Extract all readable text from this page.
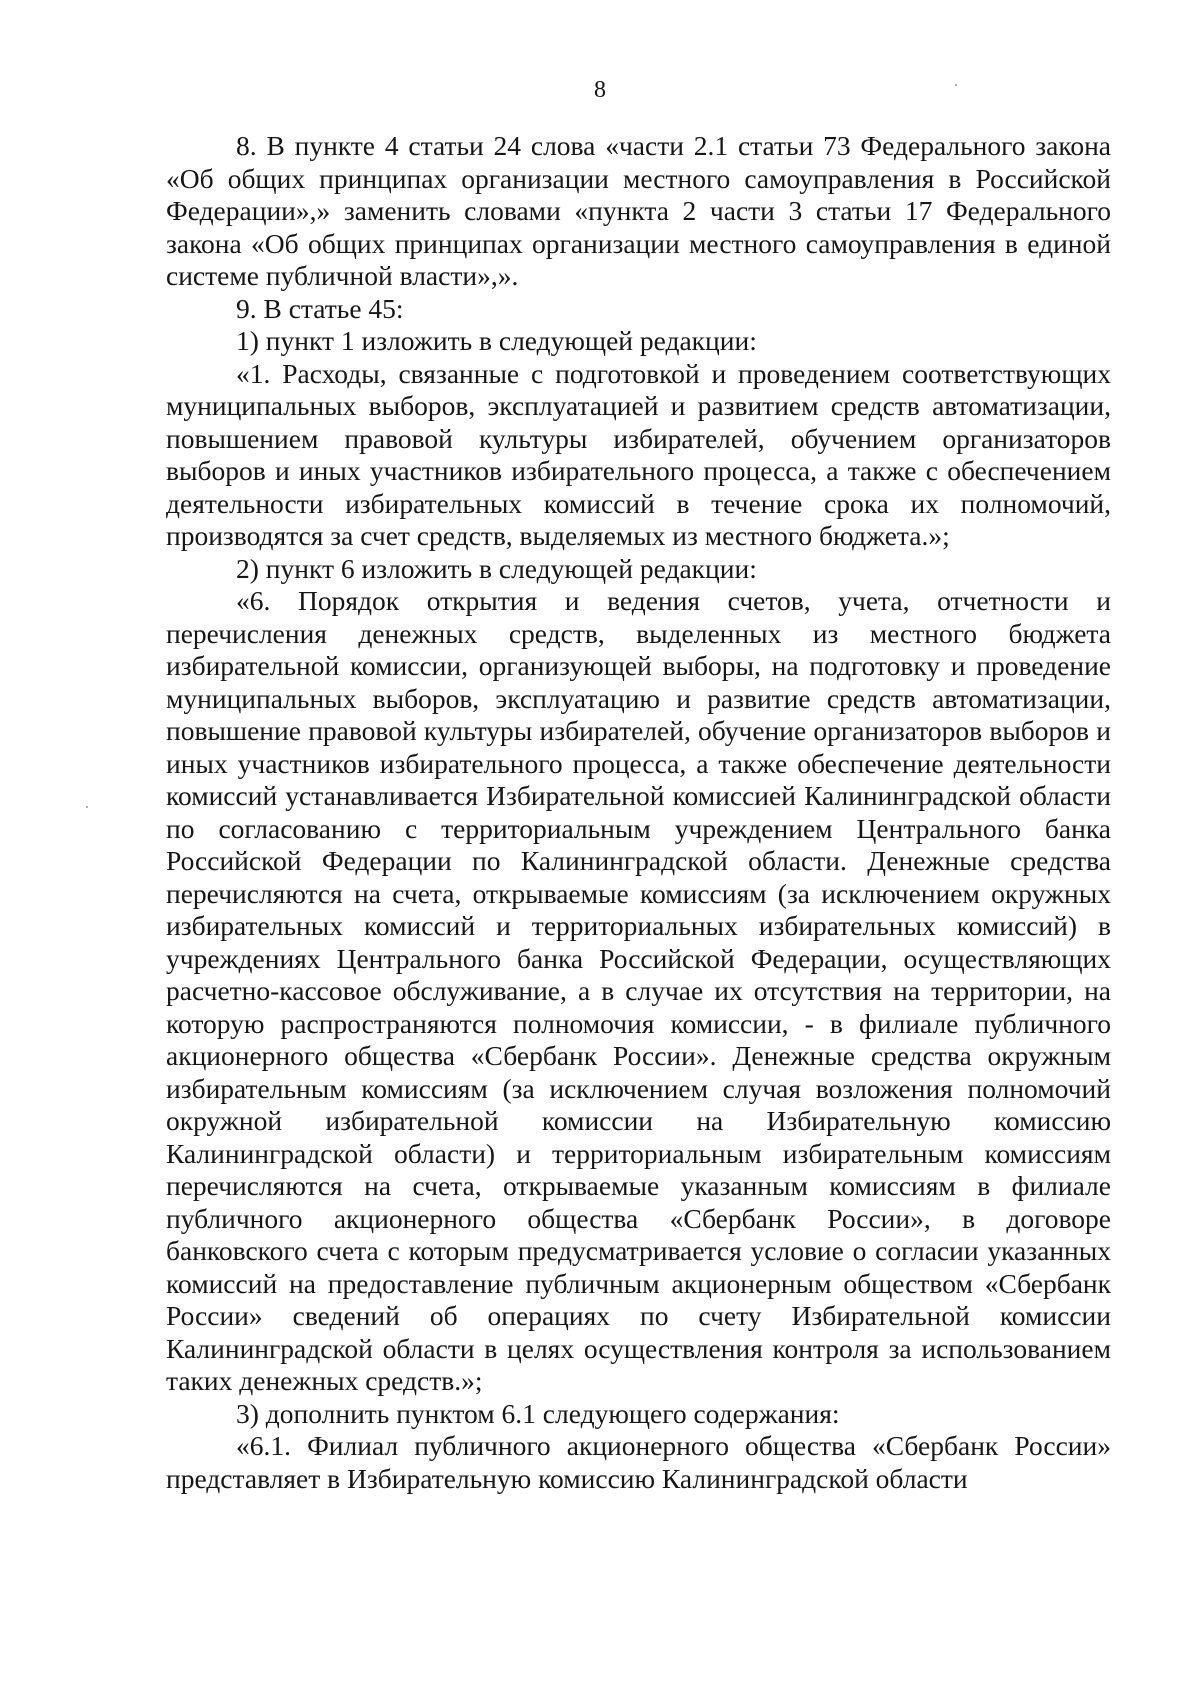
8

8. В пункте 4 статьи 24 слова «части 2.1 статьи 73 Федерального закона «Об общих принципах организации местного самоуправления в Российской Федерации»,» заменить словами «пункта 2 части 3 статьи 17 Федерального закона «Об общих принципах организации местного самоуправления в единой системе публичной власти»,».

9. В статье 45:

1) пункт 1 изложить в следующей редакции:

«1. Расходы, связанные с подготовкой и проведением соответствующих муниципальных выборов, эксплуатацией и развитием средств автоматизации, повышением правовой культуры избирателей, обучением организаторов выборов и иных участников избирательного процесса, а также с обеспечением деятельности избирательных комиссий в течение срока их полномочий, производятся за счет средств, выделяемых из местного бюджета.»;

2) пункт 6 изложить в следующей редакции:

«6. Порядок открытия и ведения счетов, учета, отчетности и перечисления денежных средств, выделенных из местного бюджета избирательной комиссии, организующей выборы, на подготовку и проведение муниципальных выборов, эксплуатацию и развитие средств автоматизации, повышение правовой культуры избирателей, обучение организаторов выборов и иных участников избирательного процесса, а также обеспечение деятельности комиссий устанавливается Избирательной комиссией Калининградской области по согласованию с территориальным учреждением Центрального банка Российской Федерации по Калининградской области. Денежные средства перечисляются на счета, открываемые комиссиям (за исключением окружных избирательных комиссий и территориальных избирательных комиссий) в учреждениях Центрального банка Российской Федерации, осуществляющих расчетно-кассовое обслуживание, а в случае их отсутствия на территории, на которую распространяются полномочия комиссии, - в филиале публичного акционерного общества «Сбербанк России». Денежные средства окружным избирательным комиссиям (за исключением случая возложения полномочий окружной избирательной комиссии на Избирательную комиссию Калининградской области) и территориальным избирательным комиссиям перечисляются на счета, открываемые указанным комиссиям в филиале публичного акционерного общества «Сбербанк России», в договоре банковского счета с которым предусматривается условие о согласии указанных комиссий на предоставление публичным акционерным обществом «Сбербанк России» сведений об операциях по счету Избирательной комиссии Калининградской области в целях осуществления контроля за использованием таких денежных средств.»;

3) дополнить пунктом 6.1 следующего содержания:

«6.1. Филиал публичного акционерного общества «Сбербанк России» представляет в Избирательную комиссию Калининградской области
